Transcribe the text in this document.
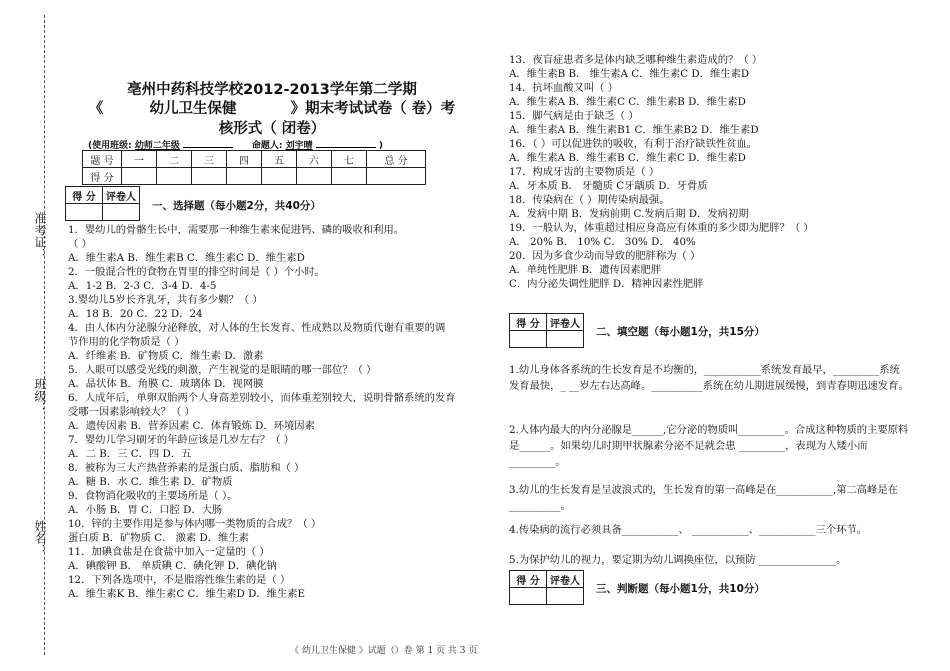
准考证：
班级：
姓名：
亳州中药科技学校2012-2013学年第二学期
《	幼儿卫生保健	》期末考试试卷（ 卷）考
核形式（ 闭卷）
(使用班级: 幼师二年级	命题人: 刘宇晴	)
题 号	一	二	三	四	五	六	七	总 分
得 分								
得 分	评卷人

一、选择题（每小题2分，共40分）
1．婴幼儿的骨骼生长中，需要那一种维生素来促进钙、磷的吸收和利用。
（ ）
A．维生素A B．维生素B C．维生素C D．维生素D
2．一般混合性的食物在胃里的排空时间是（ ）个小时。
A．1-2 B．2-3 C．3-4 D．4-5
3.婴幼儿5岁长齐乳牙，共有多少颗？（ ）
A．18 B．20 C．22 D．24
4．由人体内分泌腺分泌释放，对人体的生长发育、性成熟以及物质代谢有重要的调
节作用的化学物质是（ ）
A．纤维素 B．矿物质 C．维生素 D．激素
5．人眼可以感受光线的刺激，产生视觉的是眼睛的哪一部位？（ ）
A．晶状体 B．角膜 C．玻璃体 D．视网膜
6．人成年后，单卵双胎两个人身高差别较小，而体重差别较大，说明骨骼系统的发育
受哪一因素影响较大？（ ）
A．遗传因素 B．营养因素 C．体育锻炼 D．环境因素
7．婴幼儿学习刷牙的年龄应该是几岁左右？（ ）
A．二 B．三 C．四 D．五
8．被称为三大产热营养素的是蛋白质、脂肪和（ ）
A．糖 B．水 C．维生素 D．矿物质
9．食物消化吸收的主要场所是（ ）。
A．小肠 B．胃 C．口腔 D．大肠
10．锌的主要作用是参与体内哪一类物质的合成？（ ）
蛋白质 B．矿物质 C． 激素 D．维生素
11．加碘食盐是在食盐中加入一定量的（ ）
A．碘酸钾 B． 单质碘 C．碘化钾 D．碘化钠
12．下列各选项中，不是脂溶性维生素的是（ ）
A．维生素K B．维生素C C．维生素D D．维生素E
13．夜盲症患者多是体内缺乏哪种维生素造成的？（ ）
A．维生素B B． 维生素A C．维生素C D．维生素D
14．抗坏血酸又叫（ ）
A．维生素A B．维生素C C．维生素B D．维生素D
15．脚气病是由于缺乏（ ）
A．维生素A B．维生素B1 C．维生素B2 D．维生素D
16．（ ）可以促进铁的吸收，有利于治疗缺铁性贫血。
A．维生素A B．维生素B C．维生素C D．维生素D
17．构成牙齿的主要物质是（ ）
A．牙本质 B． 牙髓质 C牙龋质 D．牙骨质
18．传染病在（ ）期传染病最强。
A．发病中期 B．发病前期 C.发病后期 D．发病初期
19．一般认为，体重超过相应身高应有体重的多少即为肥胖？（ ）
A． 20% B． 10% C． 30% D． 40%
20．因为多食少动而导致的肥胖称为（ ）
A．单纯性肥胖 B．遗传因素肥胖
C．内分泌失调性肥胖 D．精神因素性肥胖
得 分	评卷人

二、填空题（每小题1分，共15分）
1.幼儿身体各系统的生长发育是不均衡的，___________系统发育最早，_________系统发育最快，_ __岁左右达高峰。__________系统在幼儿期进展缓慢，到青春期迅速发育。
2.人体内最大的内分泌腺是______,它分泌的物质叫_________。合成这种物质的主要原料是______。如果幼儿时期甲状腺素分泌不足就会患 _________，表现为人矮小而_________。
3.幼儿的生长发育是呈波浪式的，生长发育的第一高峰是在___________,第二高峰是在__________。
4.传染病的流行必须具备___________、 ___________、___________三个环节。
5.为保护幼儿的视力，要定期为幼儿调换座位，以预防 _______________。
得 分	评卷人

三、判断题（每小题1分，共10分）
《 幼儿卫生保健 》试题（）卷 第 1 页 共 3 页
